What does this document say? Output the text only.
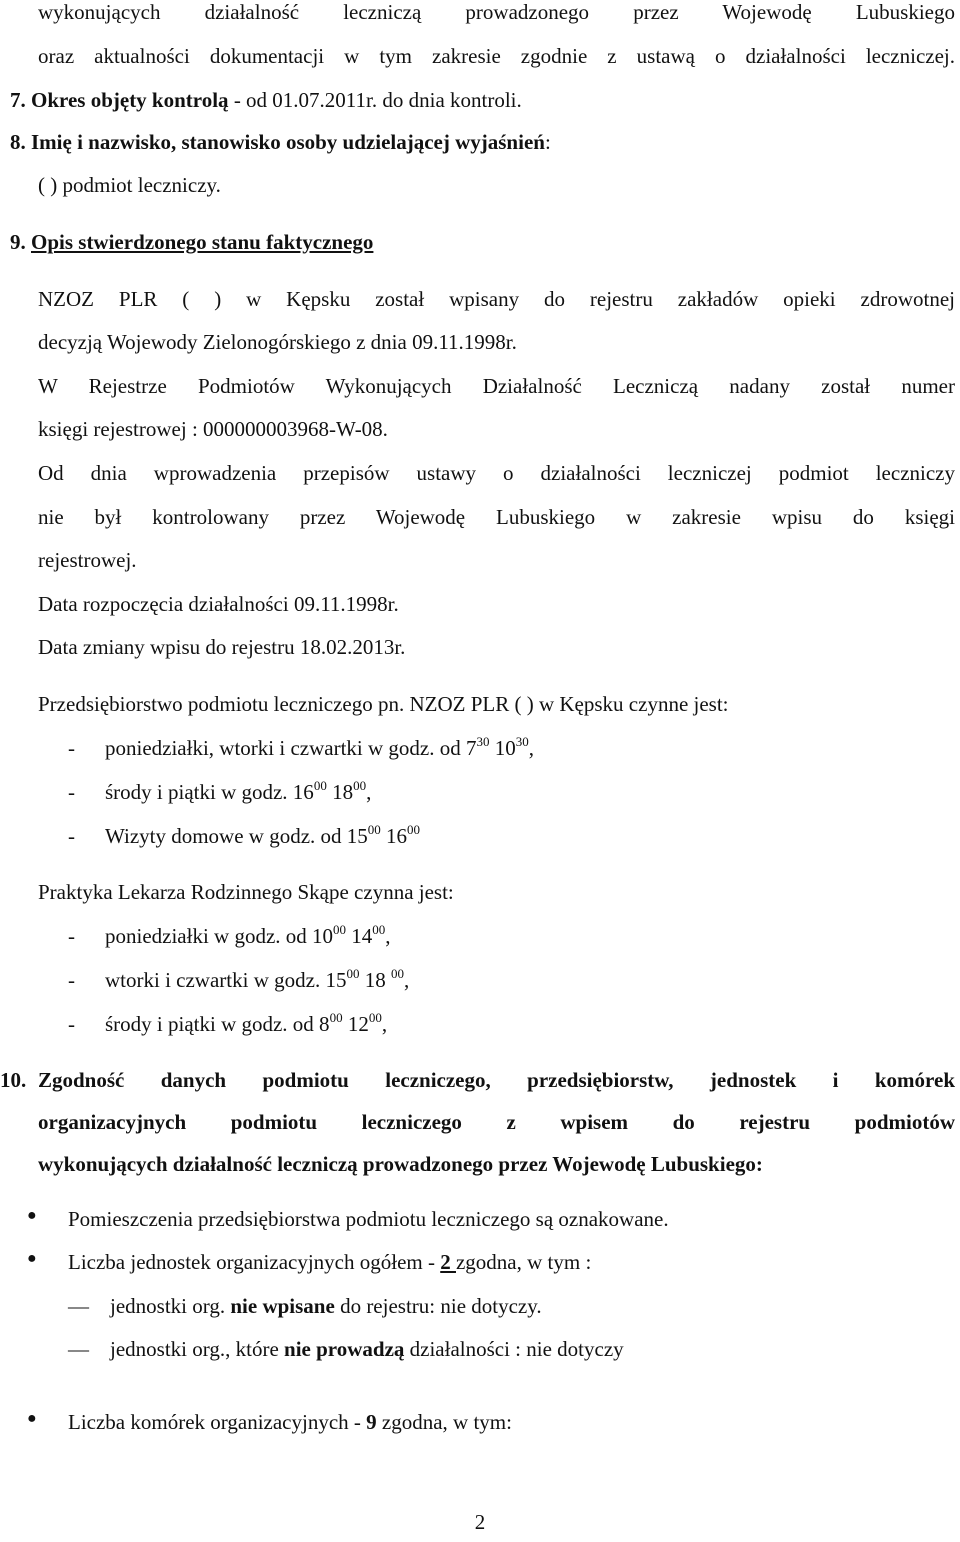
wykonujących działalność leczniczą prowadzonego przez Wojewodę Lubuskiego
oraz aktualności dokumentacji w tym zakresie zgodnie z ustawą o działalności leczniczej.
7. Okres objęty kontrolą - od 01.07.2011r. do dnia kontroli.
8. Imię i nazwisko, stanowisko osoby udzielającej wyjaśnień:
( ) podmiot leczniczy.
9. Opis stwierdzonego stanu faktycznego
NZOZ PLR ( ) w Kępsku został wpisany do rejestru zakładów opieki zdrowotnej
decyzją Wojewody Zielonogórskiego z dnia 09.11.1998r.
W Rejestrze Podmiotów Wykonujących Działalność Leczniczą nadany został numer
księgi rejestrowej : 000000003968-W-08.
Od dnia wprowadzenia przepisów ustawy o działalności leczniczej podmiot leczniczy
nie był kontrolowany przez Wojewodę Lubuskiego w zakresie wpisu do księgi
rejestrowej.
Data rozpoczęcia działalności 09.11.1998r.
Data zmiany wpisu do rejestru 18.02.2013r.
Przedsiębiorstwo podmiotu leczniczego pn. NZOZ PLR ( ) w Kępsku czynne jest:
- poniedziałki, wtorki i czwartki w godz. od $7^{30}$ $10^{30}$,
- środy i piątki w godz. $16^{00}$ $18^{00}$,
- Wizyty domowe w godz. od $15^{00}$ $16^{00}$
Praktyka Lekarza Rodzinnego Skąpe czynna jest:
- poniedziałki w godz. od $10^{00}$ $14^{00}$,
- wtorki i czwartki w godz. $15^{00}$ 18 $^{00}$,
- środy i piątki w godz. od $8^{00}$ $12^{00}$,
10. Zgodność danych podmiotu leczniczego, przedsiębiorstw, jednostek i komórek
organizacyjnych podmiotu leczniczego z wpisem do rejestru podmiotów
wykonujących działalność leczniczą prowadzonego przez Wojewodę Lubuskiego:
● Pomieszczenia przedsiębiorstwa podmiotu leczniczego są oznakowane.
● Liczba jednostek organizacyjnych ogółem - 2 zgodna, w tym :
— jednostki org. nie wpisane do rejestru: nie dotyczy.
— jednostki org., które nie prowadzą działalności : nie dotyczy
● Liczba komórek organizacyjnych - 9 zgodna, w tym:
2
